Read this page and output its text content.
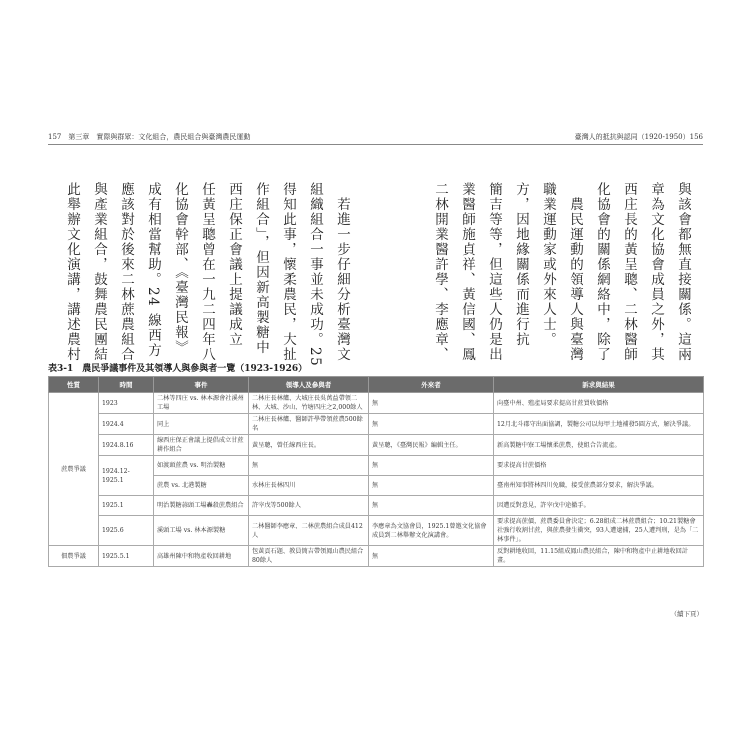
157　第三章　實際與群眾：文化組合，農民組合與臺灣農民運動	臺灣人的抵抗與認同（1920-1950）156
二林開業醫許學、李應章、
業醫師施貞祥、黃信國、鳳
簡吉等等，但這些人仍是出
方，因地緣關係而進行抗 職業運動家或外來人士。 　農民運動的領導人與臺灣
化協會的關係網絡中，除了
西庄長的黃呈聰、二林醫師
章為文化協會成員之外，其
與該會都無直接關係。這兩
此舉辦文化演講，講述農村
與產業組合，鼓舞農民團結
應該對於後來二林蔗農組合
成有相當幫助。24 線西方
化協會幹部、《臺灣民報》
任黃呈聰曾在一九二四年八
西庄保正會議上提議成立
作組合」，但因新高製糖中
得知此事，懷柔農民，大扯 組織組合一事並未成功。25 　若進一步仔細分析臺灣文
表3-1　農民爭議事件及其領導人與參與者一覽（1923-1926）
性質	時間	事件	領導人及參與者	外來者	訴求與結果
蔗農爭議	1923	二林等四庄 vs. 林本源會社溪州工場	二林庄長林爐、大城庄長吳萬益帶領二林、大城、沙山、竹塘四庄之2,000餘人	無	向臺中州、殖產局要求提高甘蔗買收價格
	1924.4	同上	二林庄長林爐、醫師許學帶領蔗農500餘名	無	12月北斗郡守出面協調，製糖公司以每甲土地補發5圓方式，解決爭議。
	1924.8.16	線西庄保正會議上提倡成立甘蔗耕作組合	黃呈聰，曾任線西庄長。	黃呈聰，《臺灣民報》編輯主任。	新高製糖中寮工場懷柔蔗農，使組合告流產。
	1924.12-1925.1	如渡頭蔗農 vs. 明治製糖	無	無	要求提高甘蔗價格
		蔗農 vs. 北港製糖	水林庄長林四川	無	臺南州知事將林四川免職，接受蔗農部分要求，解決爭議。
	1925.1	明治製糖蒜頭工場轟殺蔗農組合	許宰戊等500餘人	無	因遭反對意見，許宰戊中途撤手。
	1925.6	溪頭工場 vs. 林本源製糖	二林醫師李應章、二林蔗農組合成員412人	李應章為文協會員，1925.1曾邀文化協會成員到二林舉辦文化演講會。	要求提高蔗價，蔗農委員會決定；6.28組成二林蔗農組合；10.21製糖會社強行收割甘蔗，與蔗農發生衝突，93人遭逮捕，25人遭判刑，是為「二林事件」。
佃農爭議	1925.5.1	高雄州陳中和物產收回耕地	包黃貢石題、教員簡吉帶領鳳山農民組合80餘人	無	反對耕地收回，11.15組成鳳山農民組合，陳中和物產中止耕地收回計畫。
（續下頁）
